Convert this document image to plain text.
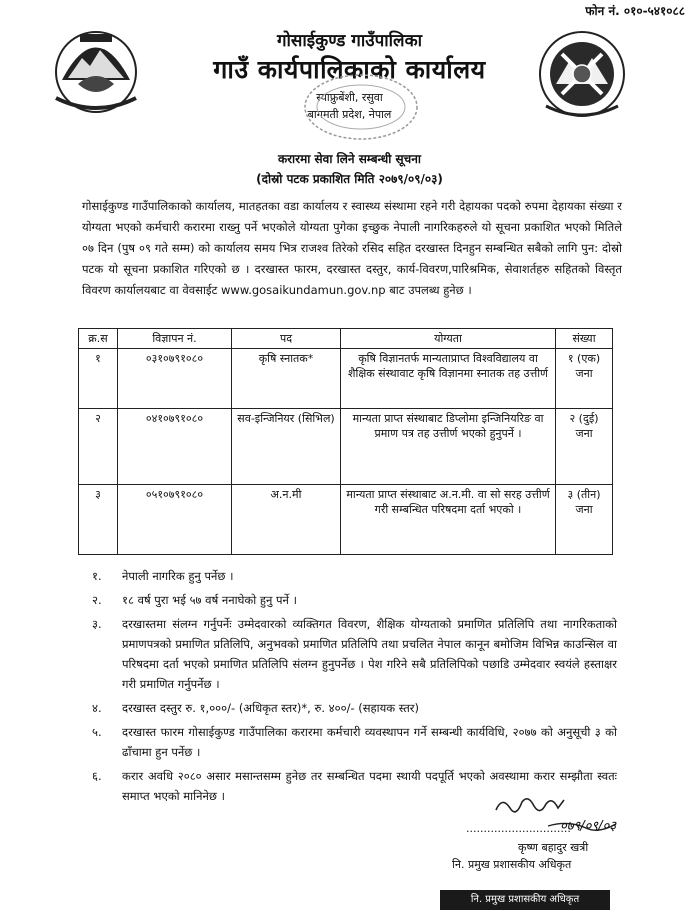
फोन नं. ०१०-५४१०८८
गोसाईकुण्ड गाउँपालिका
गाउँ कार्यपालिकाको कार्यालय
स्याफ्रुबेंशी, रसुवा
बागमती प्रदेश, नेपाल
करारमा सेवा लिने सम्बन्धी सूचना
(दोस्रो पटक प्रकाशित मिति २०७९/०९/०३)
गोसाईकुण्ड गाउँपालिकाको कार्यालय, मातहतका वडा कार्यालय र स्वास्थ्य संस्थामा रहने गरी देहायका पदको रुपमा देहायका संख्या र योग्यता भएको कर्मचारी करारमा राख्नु पर्ने भएकोले योग्यता पुगेका इच्छुक नेपाली नागरिकहरुले यो सूचना प्रकाशित भएको मितिले ०७ दिन (पुष ०९ गते सम्म) को कार्यालय समय भित्र राजश्व तिरेको रसिद सहित दरखास्त दिनहुन सम्बन्धित सबैको लागि पुन: दोस्रो पटक यो सूचना प्रकाशित गरिएको छ । दरखास्त फारम, दरखास्त दस्तुर, कार्य-विवरण,पारिश्रमिक, सेवाशर्तहरु सहितको विस्तृत विवरण कार्यालयबाट वा वेवसाईट www.gosaikundamun.gov.np बाट उपलब्ध हुनेछ ।
क्र.स	विज्ञापन नं.	पद	योग्यता	संख्या
१	०३१०७९१०८०	कृषि स्नातक*	कृषि विज्ञानतर्फ मान्यताप्राप्त विश्वविद्यालय वा शैक्षिक संस्थावाट कृषि विज्ञानमा स्नातक तह उत्तीर्ण	१ (एक) जना
२	०४१०७९१०८०	सव-इन्जिनियर (सिभिल)	मान्यता प्राप्त संस्थाबाट डिप्लोमा इन्जिनियरिङ वा प्रमाण पत्र तह उत्तीर्ण भएको हुनुपर्ने ।	२ (दुई) जना
३	०५१०७९१०८०	अ.न.मी	मान्यता प्राप्त संस्थाबाट अ.न.मी. वा सो सरह उत्तीर्ण गरी सम्बन्धित परिषदमा दर्ता भएको ।	३ (तीन) जना
१.	नेपाली नागरिक हुनु पर्नेछ ।
२.	१८ वर्ष पुरा भई ५७ वर्ष ननाघेको हुनु पर्ने ।
३.	दरखास्तमा संलग्न गर्नुपर्नेः उम्मेदवारको व्यक्तिगत विवरण, शैक्षिक योग्यताको प्रमाणित प्रतिलिपि तथा नागरिकताको प्रमाणपत्रको प्रमाणित प्रतिलिपि, अनुभवको प्रमाणित प्रतिलिपि तथा प्रचलित नेपाल कानून बमोजिम विभिन्न काउन्सिल वा परिषदमा दर्ता भएको प्रमाणित प्रतिलिपि संलग्न हुनुपर्नेछ । पेश गरिने सबै प्रतिलिपिको पछाडि उम्मेदवार स्वयंले हस्ताक्षर गरी प्रमाणित गर्नुपर्नेछ ।
४.	दरखास्त दस्तुर रु. १,०००/- (अधिकृत स्तर)*, रु. ४००/- (सहायक स्तर)
५.	दरखास्त फारम गोसाईकुण्ड गाउँपालिका करारमा कर्मचारी व्यवस्थापन गर्ने सम्बन्धी कार्यविधि, २०७७ को अनुसूची ३ को ढाँचामा हुन पर्नेछ ।
६.	करार अवधि २०८० असार मसान्तसम्म हुनेछ तर सम्बन्धित पदमा स्थायी पदपूर्ति भएको अवस्थामा करार सम्झौता स्वतः समाप्त भएको मानिनेछ ।
..............................
०७९/०९/०३
कृष्ण बहादुर खत्री
नि. प्रमुख प्रशासकीय अधिकृत
नि. प्रमुख प्रशासकीय अधिकृत
